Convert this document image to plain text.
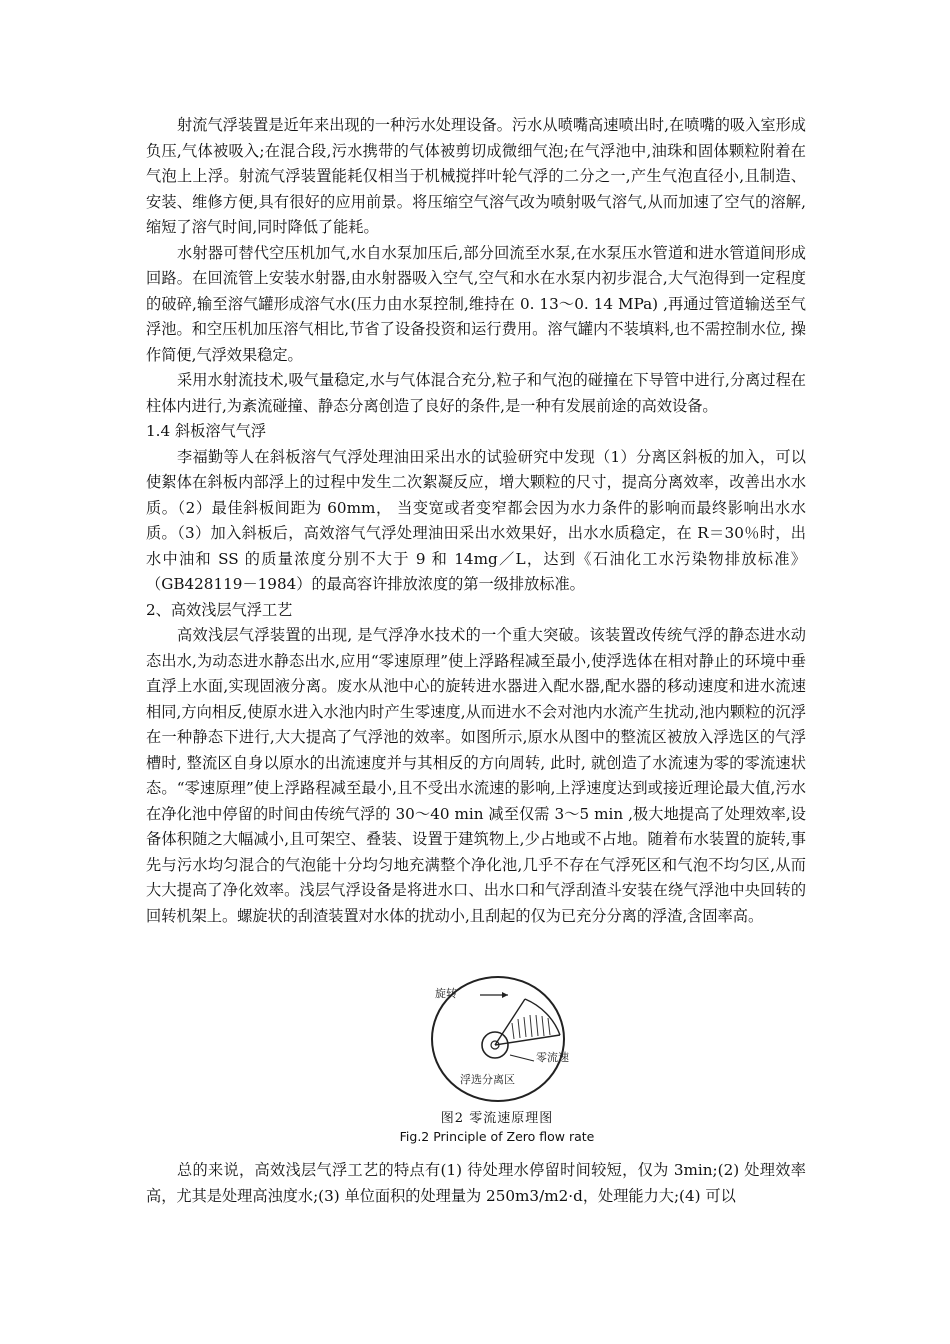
射流气浮装置是近年来出现的一种污水处理设备。污水从喷嘴高速喷出时,在喷嘴的吸入室形成负压,气体被吸入;在混合段,污水携带的气体被剪切成微细气泡;在气浮池中,油珠和固体颗粒附着在气泡上上浮。射流气浮装置能耗仅相当于机械搅拌叶轮气浮的二分之一,产生气泡直径小,且制造、安装、维修方便,具有很好的应用前景。将压缩空气溶气改为喷射吸气溶气,从而加速了空气的溶解,缩短了溶气时间,同时降低了能耗。

水射器可替代空压机加气,水自水泵加压后,部分回流至水泵,在水泵压水管道和进水管道间形成回路。在回流管上安装水射器,由水射器吸入空气,空气和水在水泵内初步混合,大气泡得到一定程度的破碎,输至溶气罐形成溶气水(压力由水泵控制,维持在 0. 13～0. 14 MPa) ,再通过管道输送至气浮池。和空压机加压溶气相比,节省了设备投资和运行费用。溶气罐内不装填料,也不需控制水位, 操作简便,气浮效果稳定。

采用水射流技术,吸气量稳定,水与气体混合充分,粒子和气泡的碰撞在下导管中进行,分离过程在柱体内进行,为紊流碰撞、静态分离创造了良好的条件,是一种有发展前途的高效设备。

1.4 斜板溶气气浮

李福勤等人在斜板溶气气浮处理油田采出水的试验研究中发现（1）分离区斜板的加入，可以使絮体在斜板内部浮上的过程中发生二次絮凝反应，增大颗粒的尺寸，提高分离效率，改善出水水质。（2）最佳斜板间距为 60mm， 当变宽或者变窄都会因为水力条件的影响而最终影响出水水质。（3）加入斜板后，高效溶气气浮处理油田采出水效果好，出水水质稳定，在 R＝30％时，出水中油和 SS 的质量浓度分别不大于 9 和 14mg／L，达到《石油化工水污染物排放标准》（GB428119－1984）的最高容许排放浓度的第一级排放标准。

2、高效浅层气浮工艺

高效浅层气浮装置的出现, 是气浮净水技术的一个重大突破。该装置改传统气浮的静态进水动态出水,为动态进水静态出水,应用“零速原理”使上浮路程减至最小,使浮选体在相对静止的环境中垂直浮上水面,实现固液分离。废水从池中心的旋转进水器进入配水器,配水器的移动速度和进水流速相同,方向相反,使原水进入水池内时产生零速度,从而进水不会对池内水流产生扰动,池内颗粒的沉浮在一种静态下进行,大大提高了气浮池的效率。如图所示,原水从图中的整流区被放入浮选区的气浮槽时, 整流区自身以原水的出流速度并与其相反的方向周转, 此时, 就创造了水流速为零的零流速状态。“零速原理”使上浮路程减至最小,且不受出水流速的影响,上浮速度达到或接近理论最大值,污水在净化池中停留的时间由传统气浮的 30～40 min 减至仅需 3～5 min ,极大地提高了处理效率,设备体积随之大幅减小,且可架空、叠装、设置于建筑物上,少占地或不占地。随着布水装置的旋转,事先与污水均匀混合的气泡能十分均匀地充满整个净化池,几乎不存在气浮死区和气泡不均匀区,从而大大提高了净化效率。浅层气浮设备是将进水口、出水口和气浮刮渣斗安装在绕气浮池中央回转的回转机架上。螺旋状的刮渣装置对水体的扰动小,且刮起的仅为已充分分离的浮渣,含固率高。

旋转
零流速
浮选分离区
图2 零流速原理图
Fig.2 Principle of Zero flow rate

总的来说，高效浅层气浮工艺的特点有(1) 待处理水停留时间较短，仅为 3min;(2) 处理效率高，尤其是处理高浊度水;(3) 单位面积的处理量为 250m3/m2·d，处理能力大;(4) 可以
